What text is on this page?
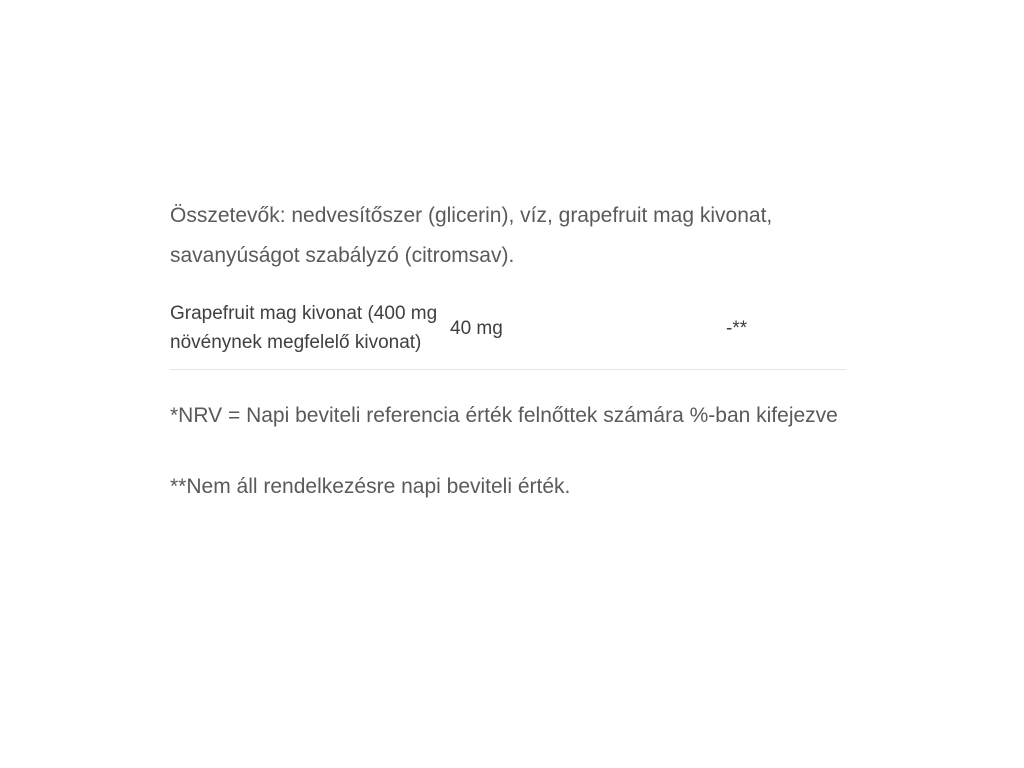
Összetevők: nedvesítőszer (glicerin), víz, grapefruit mag kivonat, savanyúságot szabályzó (citromsav).

Grapefruit mag kivonat (400 mg növénynek megfelelő kivonat)	40 mg	-**

*NRV = Napi beviteli referencia érték felnőttek számára %-ban kifejezve

**Nem áll rendelkezésre napi beviteli érték.
